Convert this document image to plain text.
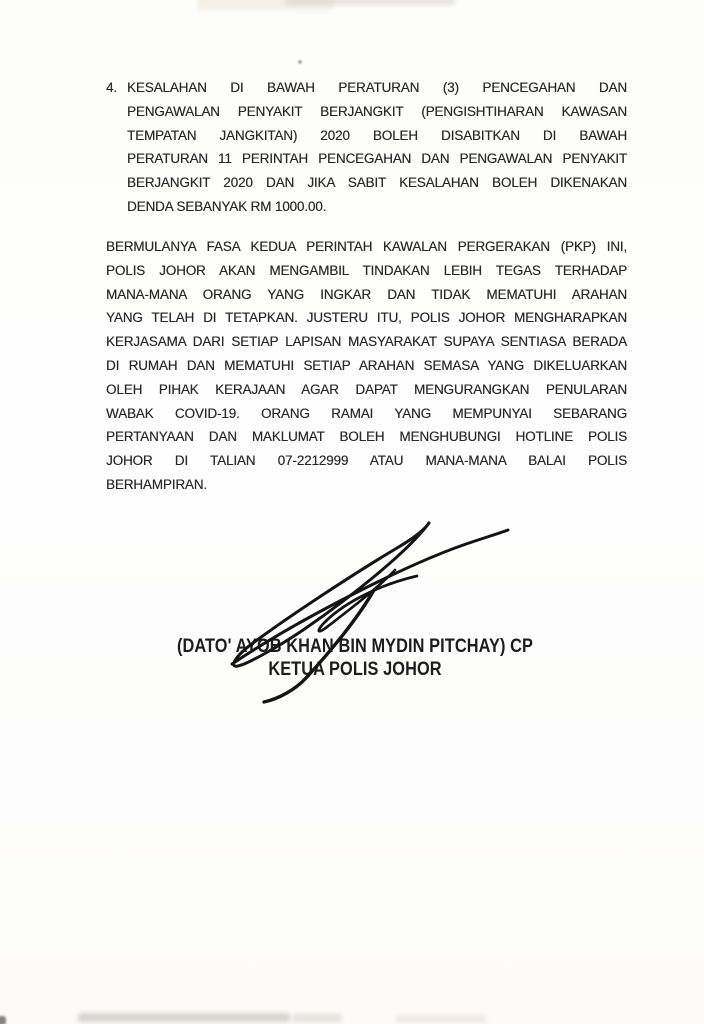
4. KESALAHAN DI BAWAH PERATURAN (3) PENCEGAHAN DAN
PENGAWALAN PENYAKIT BERJANGKIT (PENGISHTIHARAN KAWASAN
TEMPATAN JANGKITAN) 2020 BOLEH DISABITKAN DI BAWAH
PERATURAN 11 PERINTAH PENCEGAHAN DAN PENGAWALAN PENYAKIT
BERJANGKIT 2020 DAN JIKA SABIT KESALAHAN BOLEH DIKENAKAN
DENDA SEBANYAK RM 1000.00.
BERMULANYA FASA KEDUA PERINTAH KAWALAN PERGERAKAN (PKP) INI,
POLIS JOHOR AKAN MENGAMBIL TINDAKAN LEBIH TEGAS TERHADAP
MANA-MANA ORANG YANG INGKAR DAN TIDAK MEMATUHI ARAHAN
YANG TELAH DI TETAPKAN. JUSTERU ITU, POLIS JOHOR MENGHARAPKAN
KERJASAMA DARI SETIAP LAPISAN MASYARAKAT SUPAYA SENTIASA BERADA
DI RUMAH DAN MEMATUHI SETIAP ARAHAN SEMASA YANG DIKELUARKAN
OLEH PIHAK KERAJAAN AGAR DAPAT MENGURANGKAN PENULARAN
WABAK COVID-19. ORANG RAMAI YANG MEMPUNYAI SEBARANG
PERTANYAAN DAN MAKLUMAT BOLEH MENGHUBUNGI HOTLINE POLIS
JOHOR DI TALIAN 07-2212999 ATAU MANA-MANA BALAI POLIS
BERHAMPIRAN.
(DATO' AYOB KHAN BIN MYDIN PITCHAY) CP
KETUA POLIS JOHOR
